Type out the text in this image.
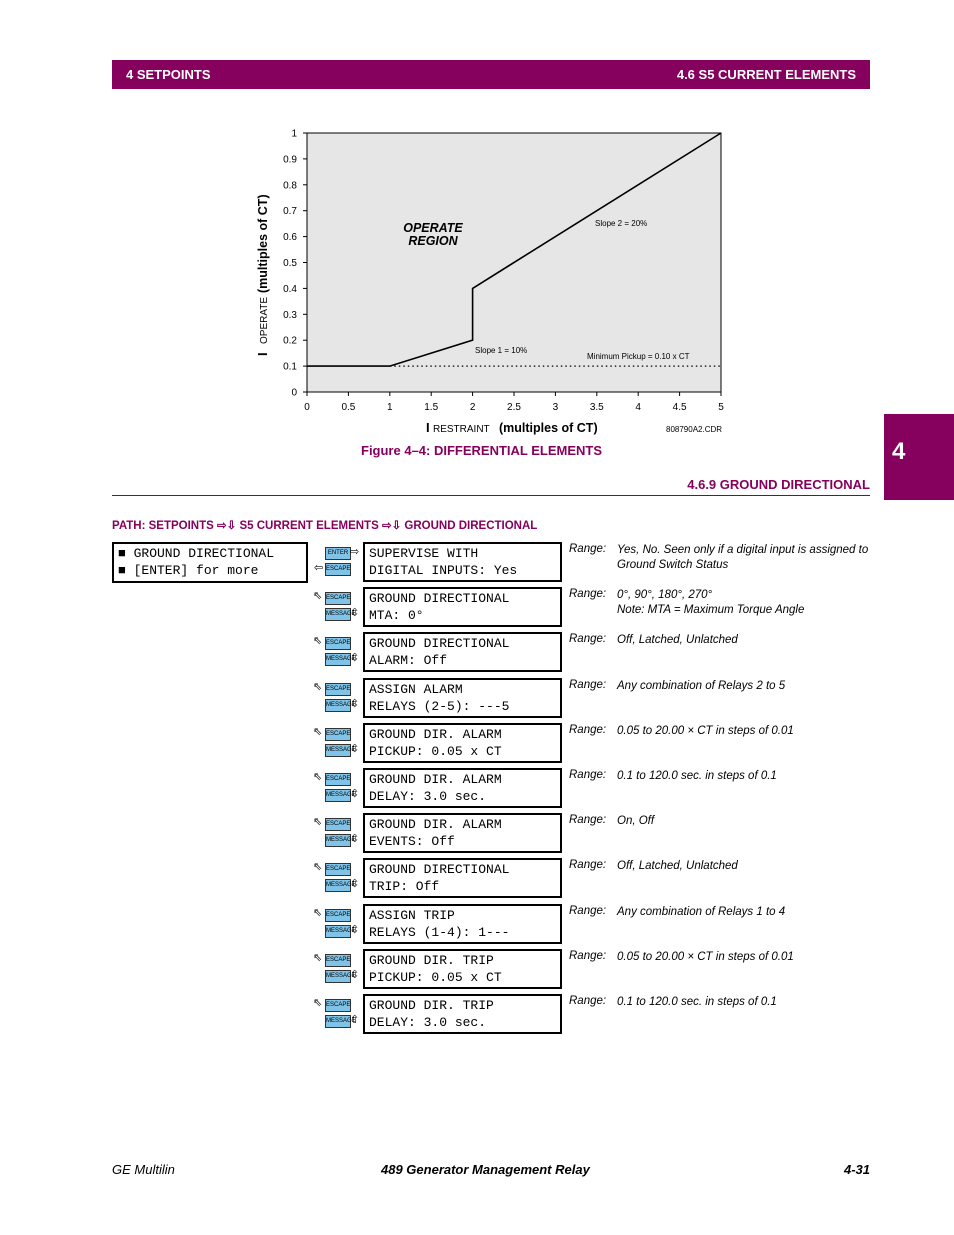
4 SETPOINTS	4.6 S5 CURRENT ELEMENTS
4
0
0.1
0.2
0.3
0.4
0.5
0.6
0.7
0.8
0.9
1
0	0.5	1	1.5	2	2.5	3	3.5	4	4.5	5
OPERATE
REGION
Slope 2 = 20%
Slope 1 = 10%
Minimum Pickup = 0.10 x CT
I RESTRAINT (multiples of CT)	808790A2.CDR
I
OPERATE
(multiples of CT)
Figure 4–4: DIFFERENTIAL ELEMENTS
4.6.9 GROUND DIRECTIONAL
PATH: SETPOINTS ⇨⇩ S5 CURRENT ELEMENTS ⇨⇩ GROUND DIRECTIONAL
■ GROUND DIRECTIONAL
■ [ENTER] for more
SUPERVISE WITH
DIGITAL INPUTS: Yes
ENTER
ESCAPE
⇨
⇦
Range: Yes, No. Seen only if a digital input is assigned to Ground Switch Status
GROUND DIRECTIONAL
MTA: 0°
ESCAPE
MESSAGE
⇖
⇳
Range: 0°, 90°, 180°, 270°
Note: MTA = Maximum Torque Angle
GROUND DIRECTIONAL
ALARM: Off
ESCAPE
MESSAGE
⇖
⇳
Range: Off, Latched, Unlatched
ASSIGN ALARM
RELAYS (2-5): ---5
ESCAPE
MESSAGE
⇖
⇳
Range: Any combination of Relays 2 to 5
GROUND DIR. ALARM
PICKUP: 0.05 x CT
ESCAPE
MESSAGE
⇖
⇳
Range: 0.05 to 20.00 × CT in steps of 0.01
GROUND DIR. ALARM
DELAY: 3.0 sec.
ESCAPE
MESSAGE
⇖
⇳
Range: 0.1 to 120.0 sec. in steps of 0.1
GROUND DIR. ALARM
EVENTS: Off
ESCAPE
MESSAGE
⇖
⇳
Range: On, Off
GROUND DIRECTIONAL
TRIP: Off
ESCAPE
MESSAGE
⇖
⇳
Range: Off, Latched, Unlatched
ASSIGN TRIP
RELAYS (1-4): 1---
ESCAPE
MESSAGE
⇖
⇳
Range: Any combination of Relays 1 to 4
GROUND DIR. TRIP
PICKUP: 0.05 x CT
ESCAPE
MESSAGE
⇖
⇳
Range: 0.05 to 20.00 × CT in steps of 0.01
GROUND DIR. TRIP
DELAY: 3.0 sec.
ESCAPE
MESSAGE
⇖
⇧
Range: 0.1 to 120.0 sec. in steps of 0.1
GE Multilin	489 Generator Management Relay	4-31
